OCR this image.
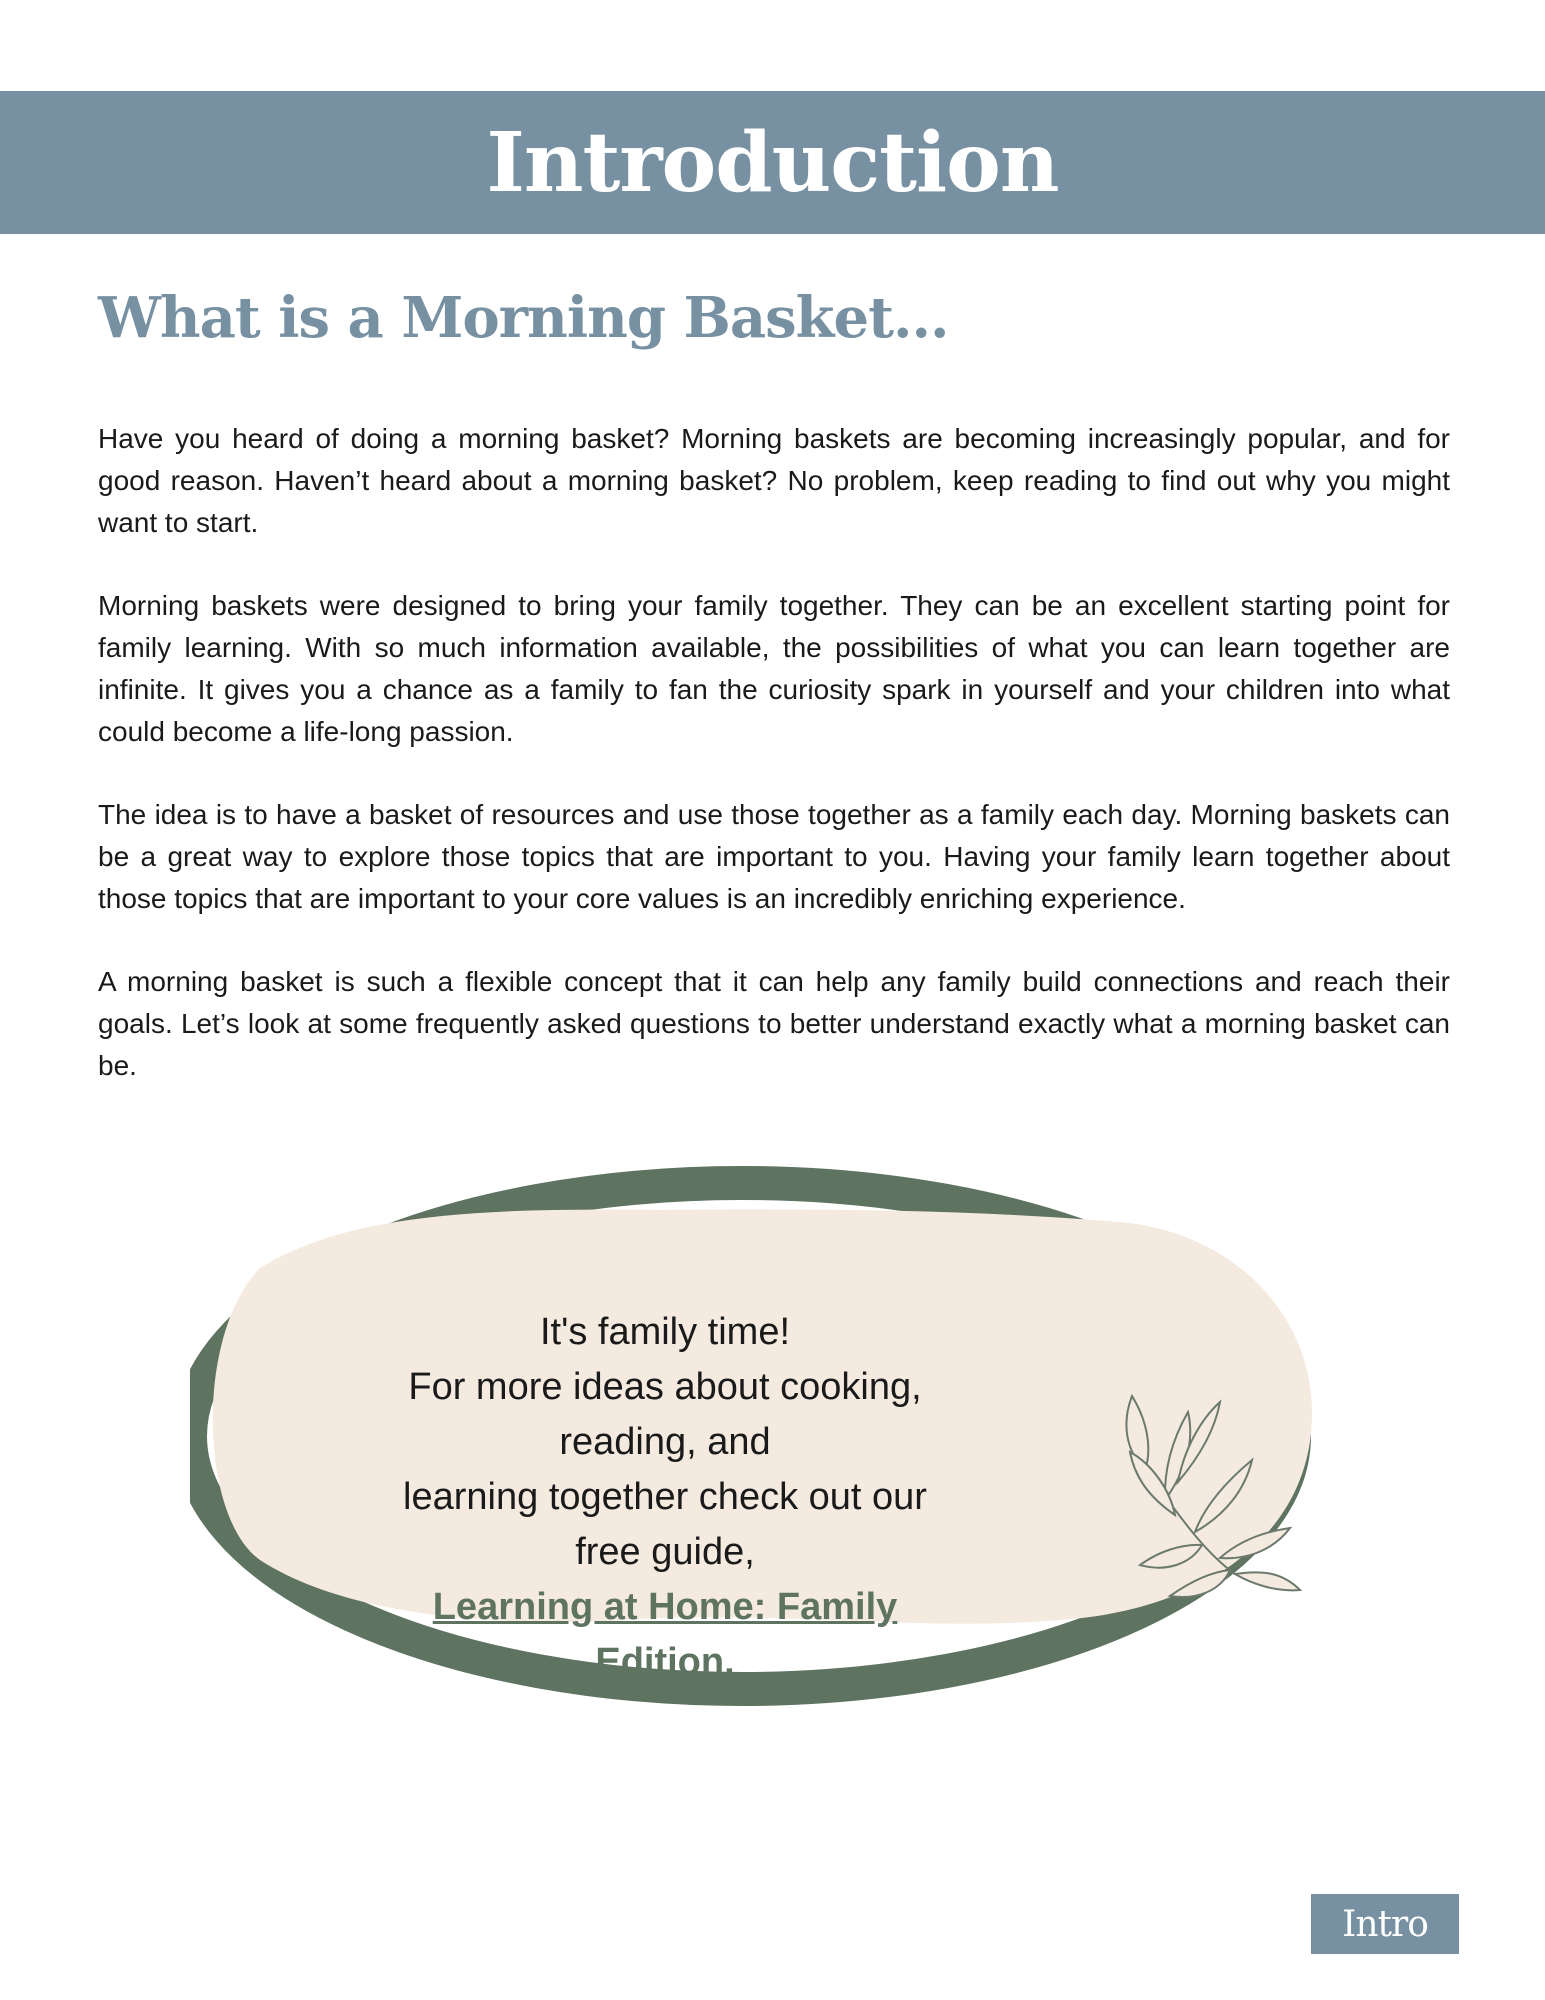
Introduction
What is a Morning Basket...

Have you heard of doing a morning basket? Morning baskets are becoming increasingly popular, and for good reason. Haven’t heard about a morning basket? No problem, keep reading to find out why you might want to start.

Morning baskets were designed to bring your family together. They can be an excellent starting point for family learning. With so much information available, the possibilities of what you can learn together are infinite. It gives you a chance as a family to fan the curiosity spark in yourself and your children into what could become a life-long passion.

The idea is to have a basket of resources and use those together as a family each day. Morning baskets can be a great way to explore those topics that are important to you. Having your family learn together about those topics that are important to your core values is an incredibly enriching experience.

A morning basket is such a flexible concept that it can help any family build connections and reach their goals. Let’s look at some frequently asked questions to better understand exactly what a morning basket can be.

It's family time!
For more ideas about cooking, reading, and
learning together check out our free guide,
Learning at Home: Family Edition.
Intro
